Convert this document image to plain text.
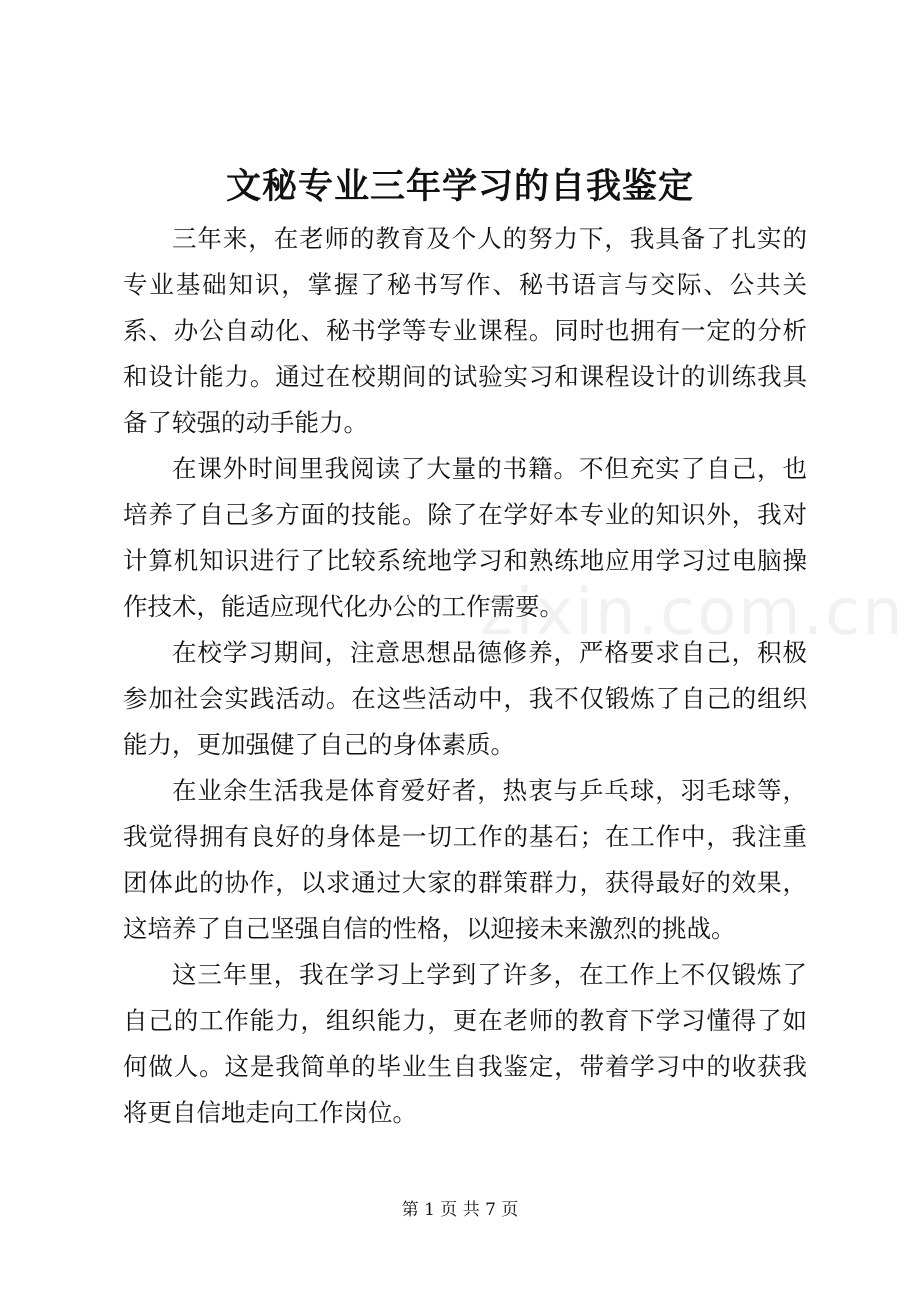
文秘专业三年学习的自我鉴定

三年来，在老师的教育及个人的努力下，我具备了扎实的专业基础知识，掌握了秘书写作、秘书语言与交际、公共关系、办公自动化、秘书学等专业课程。同时也拥有一定的分析和设计能力。通过在校期间的试验实习和课程设计的训练我具备了较强的动手能力。

在课外时间里我阅读了大量的书籍。不但充实了自己，也培养了自己多方面的技能。除了在学好本专业的知识外，我对计算机知识进行了比较系统地学习和熟练地应用学习过电脑操作技术，能适应现代化办公的工作需要。

在校学习期间，注意思想品德修养，严格要求自己，积极参加社会实践活动。在这些活动中，我不仅锻炼了自己的组织能力，更加强健了自己的身体素质。

在业余生活我是体育爱好者，热衷与乒乓球，羽毛球等，我觉得拥有良好的身体是一切工作的基石；在工作中，我注重团体此的协作，以求通过大家的群策群力，获得最好的效果，这培养了自己坚强自信的性格，以迎接未来激烈的挑战。

这三年里，我在学习上学到了许多，在工作上不仅锻炼了自己的工作能力，组织能力，更在老师的教育下学习懂得了如何做人。这是我简单的毕业生自我鉴定，带着学习中的收获我将更自信地走向工作岗位。

zixin.com.cn
第 1 页 共 7 页
